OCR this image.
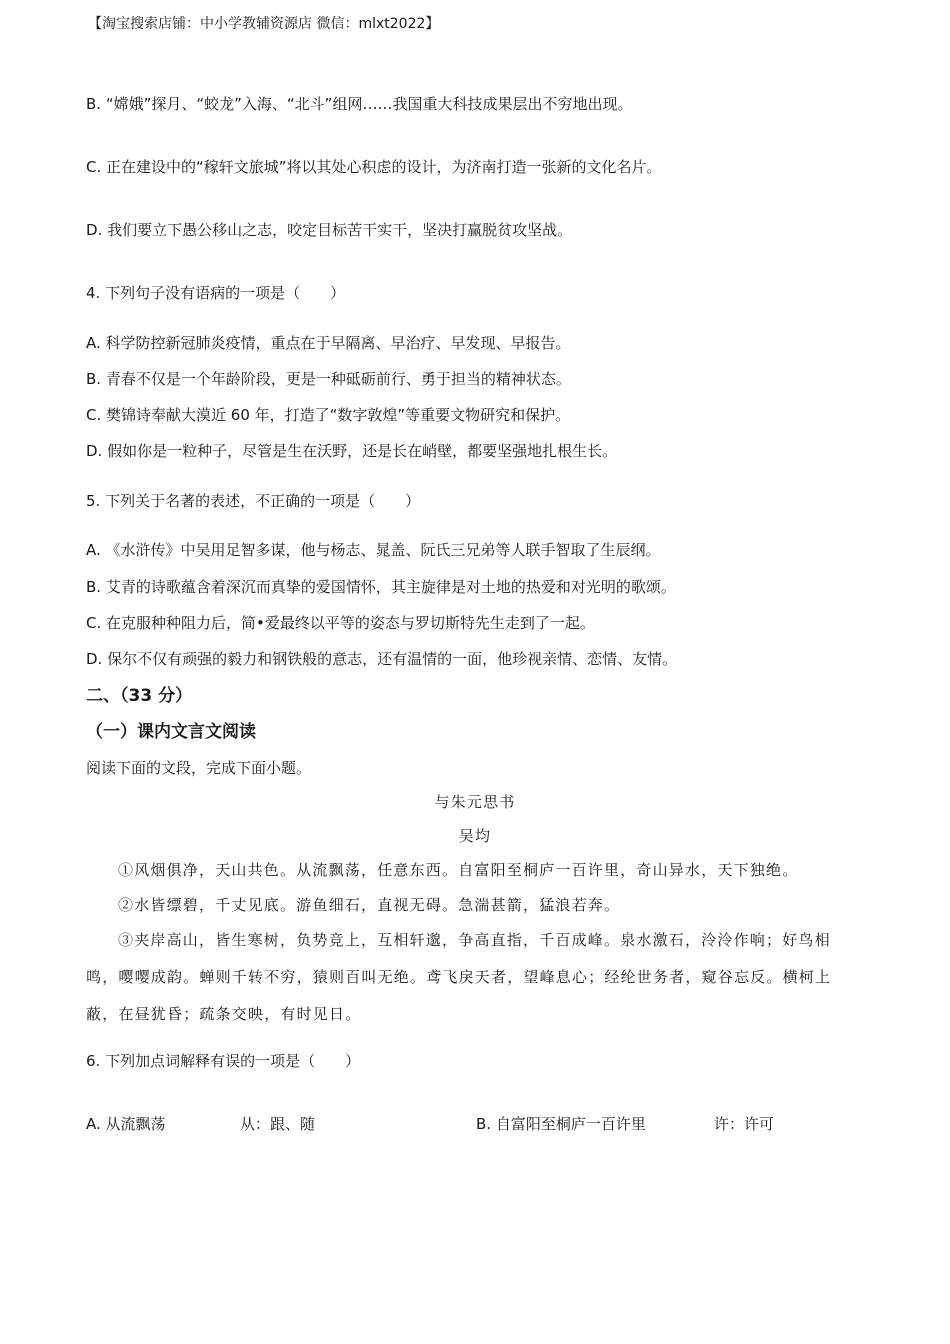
【淘宝搜索店铺：中小学教辅资源店 微信：mlxt2022】
B. “嫦娥”探月、“蛟龙”入海、“北斗”组网……我国重大科技成果层出不穷地出现。
C. 正在建设中的“稼轩文旅城”将以其处心积虑的设计，为济南打造一张新的文化名片。
D. 我们要立下愚公移山之志，咬定目标苦干实干，坚决打赢脱贫攻坚战。
4. 下列句子没有语病的一项是（　　）
A. 科学防控新冠肺炎疫情，重点在于早隔离、早治疗、早发现、早报告。
B. 青春不仅是一个年龄阶段，更是一种砥砺前行、勇于担当的精神状态。
C. 樊锦诗奉献大漠近 60 年，打造了“数字敦煌”等重要文物研究和保护。
D. 假如你是一粒种子，尽管是生在沃野，还是长在峭壁，都要坚强地扎根生长。
5. 下列关于名著的表述，不正确的一项是（　　）
A. 《水浒传》中吴用足智多谋，他与杨志、晁盖、阮氏三兄弟等人联手智取了生辰纲。
B. 艾青的诗歌蕴含着深沉而真挚的爱国情怀，其主旋律是对土地的热爱和对光明的歌颂。
C. 在克服种种阻力后，简•爱最终以平等的姿态与罗切斯特先生走到了一起。
D. 保尔不仅有顽强的毅力和钢铁般的意志，还有温情的一面，他珍视亲情、恋情、友情。
二、（33 分）
（一）课内文言文阅读
阅读下面的文段，完成下面小题。
与朱元思书
吴均
①风烟俱净，天山共色。从流飘荡，任意东西。自富阳至桐庐一百许里，奇山异水，天下独绝。
②水皆缥碧，千丈见底。游鱼细石，直视无碍。急湍甚箭，猛浪若奔。
③夹岸高山，皆生寒树，负势竞上，互相轩邈，争高直指，千百成峰。泉水激石，泠泠作响；好鸟相
鸣，嘤嘤成韵。蝉则千转不穷，猿则百叫无绝。鸢飞戾天者，望峰息心；经纶世务者，窥谷忘反。横柯上
蔽，在昼犹昏；疏条交映，有时见日。
6. 下列加点词解释有误的一项是（　　）
A. 从流飘荡	从：跟、随	B. 自富阳至桐庐一百许里	许：许可
